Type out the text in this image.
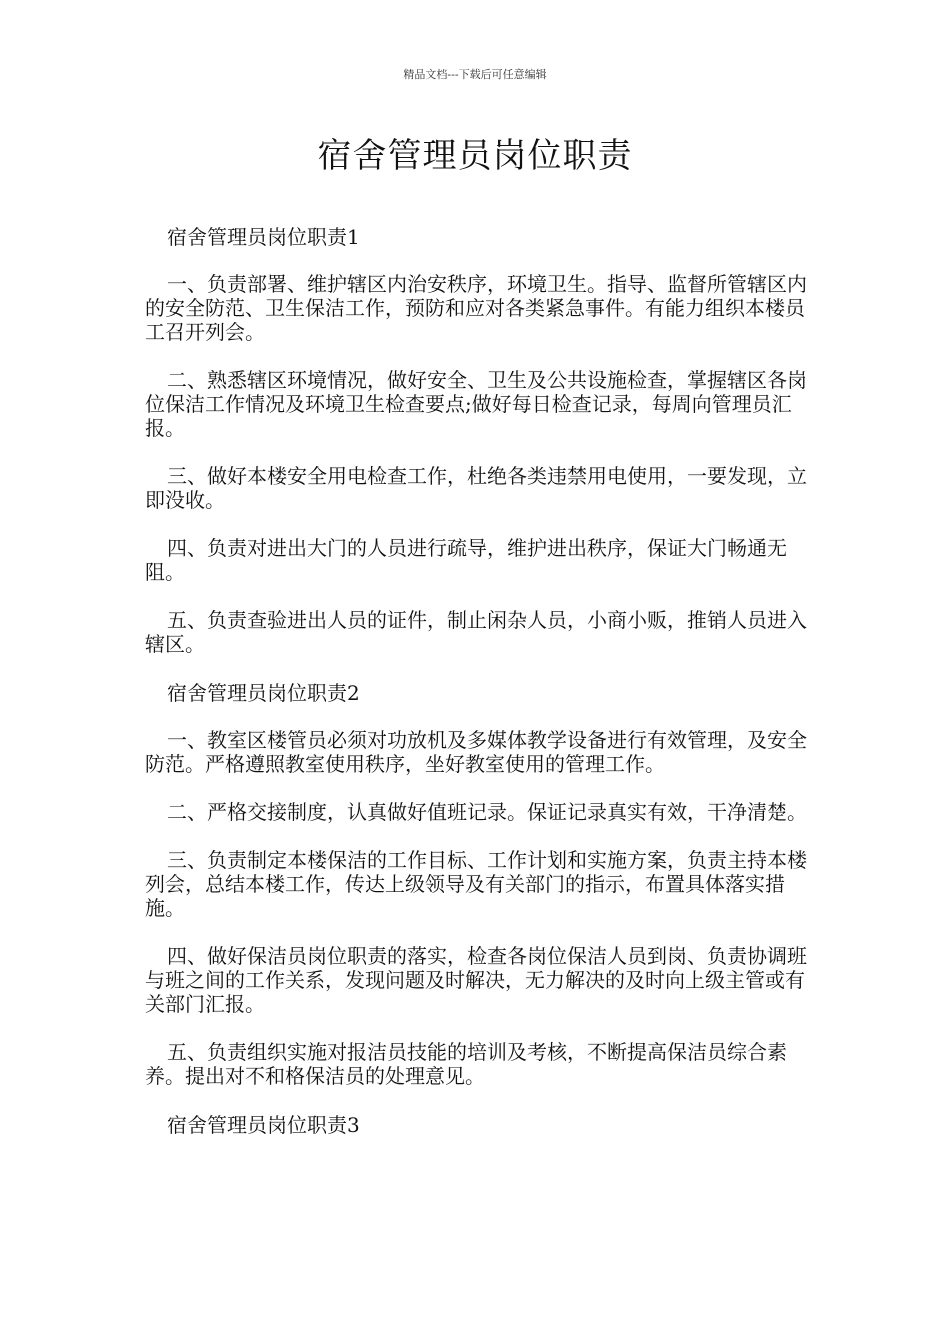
精品文档---下载后可任意编辑
宿舍管理员岗位职责

宿舍管理员岗位职责1

一、负责部署、维护辖区内治安秩序，环境卫生。指导、监督所管辖区内的安全防范、卫生保洁工作，预防和应对各类紧急事件。有能力组织本楼员工召开列会。

二、熟悉辖区环境情况，做好安全、卫生及公共设施检查，掌握辖区各岗位保洁工作情况及环境卫生检查要点;做好每日检查记录，每周向管理员汇报。

三、做好本楼安全用电检查工作，杜绝各类违禁用电使用，一要发现，立即没收。

四、负责对进出大门的人员进行疏导，维护进出秩序，保证大门畅通无阻。

五、负责查验进出人员的证件，制止闲杂人员，小商小贩，推销人员进入辖区。

宿舍管理员岗位职责2

一、教室区楼管员必须对功放机及多媒体教学设备进行有效管理，及安全防范。严格遵照教室使用秩序，坐好教室使用的管理工作。

二、严格交接制度，认真做好值班记录。保证记录真实有效，干净清楚。

三、负责制定本楼保洁的工作目标、工作计划和实施方案，负责主持本楼列会，总结本楼工作，传达上级领导及有关部门的指示，布置具体落实措施。

四、做好保洁员岗位职责的落实，检查各岗位保洁人员到岗、负责协调班与班之间的工作关系，发现问题及时解决，无力解决的及时向上级主管或有关部门汇报。

五、负责组织实施对报洁员技能的培训及考核，不断提高保洁员综合素养。提出对不和格保洁员的处理意见。

宿舍管理员岗位职责3
